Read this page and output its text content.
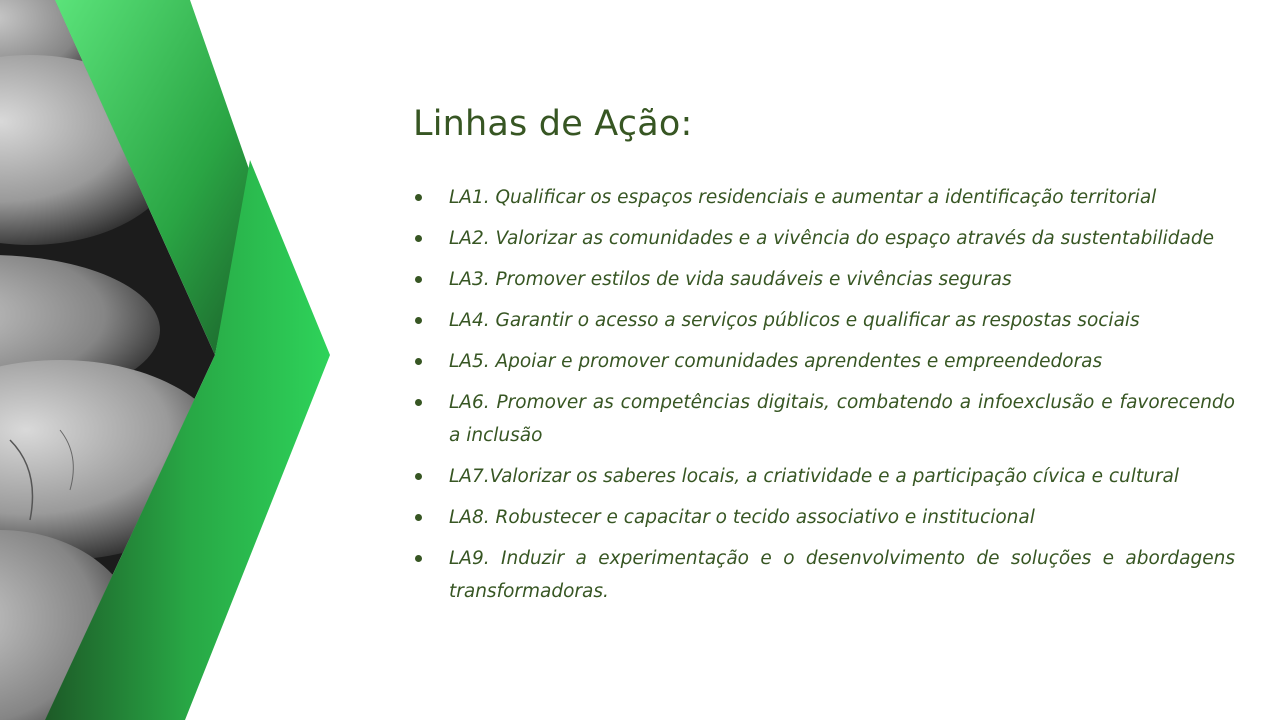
Linhas de Ação:
LA1. Qualificar os espaços residenciais e aumentar a identificação territorial
LA2. Valorizar as comunidades e a vivência do espaço através da sustentabilidade
LA3. Promover estilos de vida saudáveis e vivências seguras
LA4. Garantir o acesso a serviços públicos e qualificar as respostas sociais
LA5. Apoiar e promover comunidades aprendentes e empreendedoras
LA6. Promover as competências digitais, combatendo a infoexclusão e favorecendo a inclusão
LA7.Valorizar os saberes locais, a criatividade e a participação cívica e cultural
LA8. Robustecer e capacitar o tecido associativo e institucional
LA9. Induzir a experimentação e o desenvolvimento de soluções e abordagens transformadoras.
